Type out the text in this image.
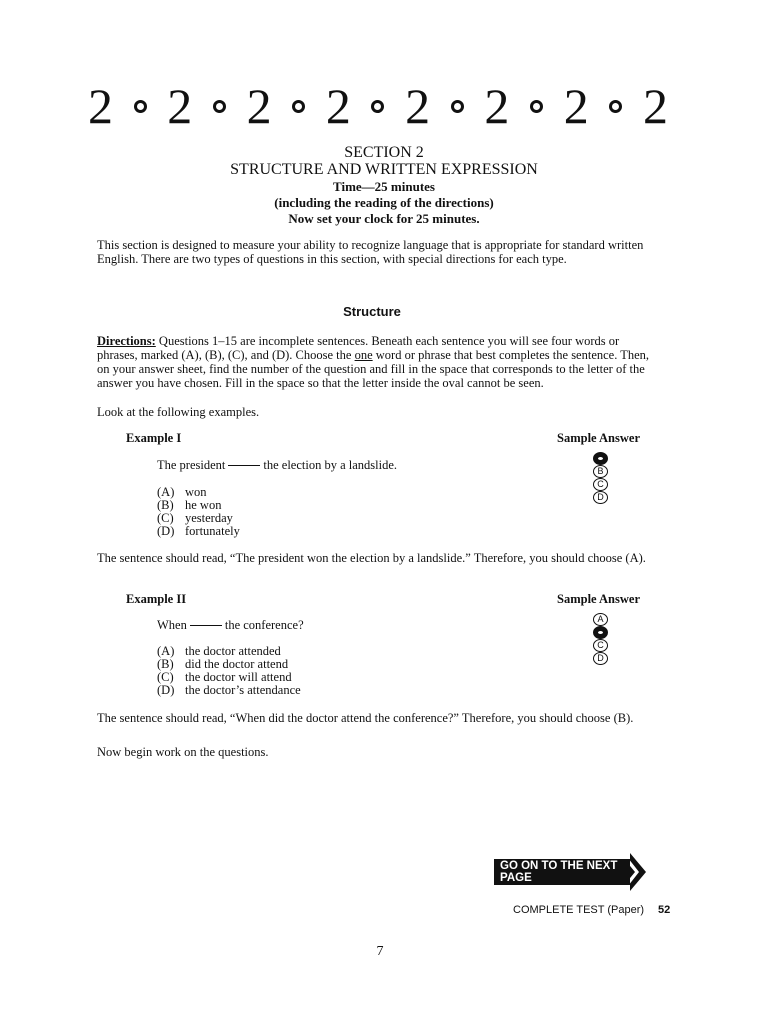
2 2 2 2 2 2 2 2
SECTION 2
STRUCTURE AND WRITTEN EXPRESSION
Time—25 minutes
(including the reading of the directions)
Now set your clock for 25 minutes.

This section is designed to measure your ability to recognize language that is appropriate for standard written English. There are two types of questions in this section, with special directions for each type.

Structure

Directions: Questions 1–15 are incomplete sentences. Beneath each sentence you will see four words or phrases, marked (A), (B), (C), and (D). Choose the one word or phrase that best completes the sentence. Then, on your answer sheet, find the number of the question and fill in the space that corresponds to the letter of the answer you have chosen. Fill in the space so that the letter inside the oval cannot be seen.

Look at the following examples.

Example I	Sample Answer
The president	the election by a landslide.
(A) won
(B) he won
(C) yesterday
(D) fortunately
B
C
D

The sentence should read, “The president won the election by a landslide.” Therefore, you should choose (A).

Example II	Sample Answer
When	the conference?
(A) the doctor attended
(B) did the doctor attend
(C) the doctor will attend
(D) the doctor’s attendance
A
C
D

The sentence should read, “When did the doctor attend the conference?” Therefore, you should choose (B).

Now begin work on the questions.

GO ON TO THE NEXT PAGE
COMPLETE TEST (Paper) 52
7
